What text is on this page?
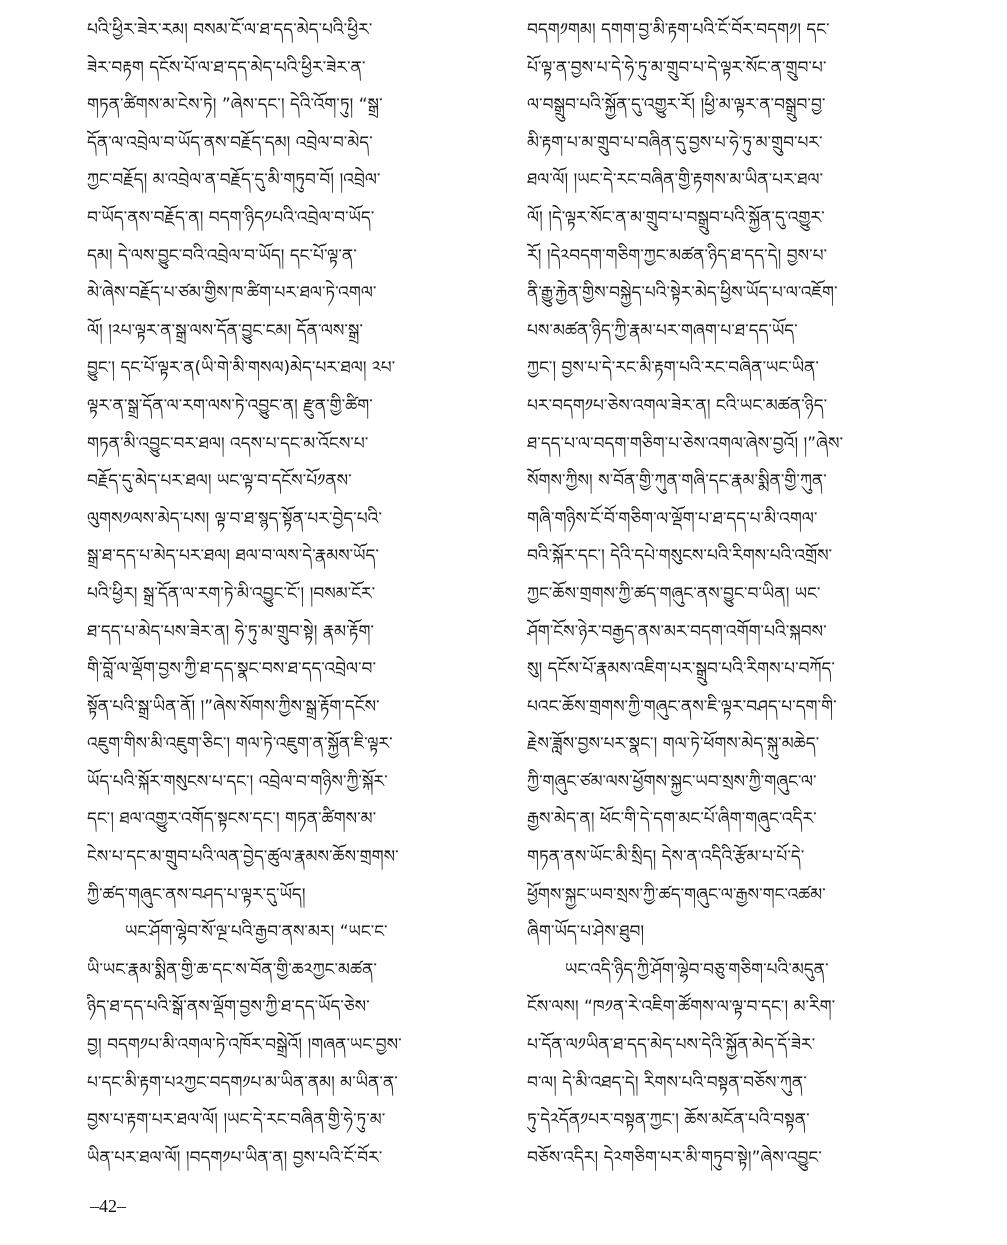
པའི་ཕྱིར་ཟེར་རམ། བསམ་ངོ་ལ་ཐ་དད་མེད་པའི་ཕྱིར་
ཟེར་བརྟག དངོས་པོ་ལ་ཐ་དད་མེད་པའི་ཕྱིར་ཟེར་ན་
གཏན་ཚིགས་མ་ངེས་ཏེ། ”ཞེས་དང་། དེའི་འོག་ཏུ། “སྒྲ་
དོན་ལ་འབྲེལ་བ་ཡོད་ནས་བརྗོད་དམ། འབྲེལ་བ་མེད་
ཀྱང་བརྗོད། མ་འབྲེལ་ན་བརྗོད་དུ་མི་གཏུབ་བོ། །འབྲེལ་
བ་ཡོད་ནས་བརྗོད་ན། བདག་ཉིད༡པའི་འབྲེལ་བ་ཡོད་
དམ། དེ་ལས་བྱུང་བའི་འབྲེལ་བ་ཡོད། དང་པོ་ལྟ་ན་
མེ་ཞེས་བརྗོད་པ་ཙམ་གྱིས་ཁ་ཚིག་པར་ཐལ་ཏེ་འགལ་
ལོ། །༢པ་ལྟར་ན་སྒྲ་ལས་དོན་བྱུང་ངམ། དོན་ལས་སྒྲ་
བྱུང་། དང་པོ་ལྟར་ན(ཡི་གེ་མི་གསལ)མེད་པར་ཐལ། ༢པ་
ལྟར་ན་སྒྲ་དོན་ལ་རག་ལས་ཏེ་འབྱུང་ན། རྫུན་གྱི་ཚིག་
གཏན་མི་འབྱུང་བར་ཐལ། འདས་པ་དང་མ་འོངས་པ་
བརྗོད་དུ་མེད་པར་ཐལ། ཡང་ལྟ་བ་དངོས་པོ༡ནས་
ལུགས༡ལས་མེད་པས། ལྟ་བ་ཐ་སྙད་སྟོན་པར་བྱེད་པའི་
སྒྲ་ཐ་དད་པ་མེད་པར་ཐལ། ཐལ་བ་ལས་དེ་རྣམས་ཡོད་
པའི་ཕྱིར། སྒྲ་དོན་ལ་རག་ཏེ་མི་འབྱུང་ངོ་། །བསམ་ངོར་
ཐ་དད་པ་མེད་པས་ཟེར་ན། ཧེ་ཏུ་མ་གྲུབ་སྟེ། རྣམ་རྟོག་
གི་བློ་ལ་ལྡོག་བྱས་ཀྱི་ཐ་དད་སྣང་བས་ཐ་དད་འབྲེལ་བ་
སྟོན་པའི་སྒྲ་ཡིན་ནོ། །”ཞེས་སོགས་ཀྱིས་སྒྲ་རྟོག་དངོས་
འཇུག་གིས་མི་འཇུག་ཅིང་། གལ་ཏེ་འཇུག་ན་སྐྱོན་ཇི་ལྟར་
ཡོད་པའི་སྐོར་གསུངས་པ་དང་། འབྲེལ་བ་གཉིས་ཀྱི་སྐོར་
དང་། ཐལ་འགྱུར་འགོད་སྟངས་དང་། གཏན་ཚིགས་མ་
ངེས་པ་དང་མ་གྲུབ་པའི་ལན་བྱེད་ཚུལ་རྣམས་ཆོས་གྲགས་
ཀྱི་ཚད་གཞུང་ནས་བཤད་པ་ལྟར་དུ་ཡོད།
ཡང་ཤོག་ལྷེབ་སོ་ལྔ་པའི་རྒྱབ་ནས་མར། “ཡང་ང་
ཡི་ཡང་རྣམ་སྨིན་གྱི་ཆ་དང་ས་བོན་གྱི་ཆ༢ཀྱང་མཚན་
ཉིད་ཐ་དད་པའི་སྒོ་ནས་ལྡོག་བྱས་ཀྱི་ཐ་དད་ཡོད་ཅེས་
བྱ། བདག༡པ་མི་འགལ་ཏེ་འཁོར་བསྒྲེའོ། །གཞན་ཡང་བྱས་
པ་དང་མི་རྟག་པ༢ཀྱང་བདག༡པ་མ་ཡིན་ནམ། མ་ཡིན་ན་
བྱས་པ་རྟག་པར་ཐལ་ལོ། །ཡང་དེ་རང་བཞིན་གྱི་ཧེ་ཏུ་མ་
ཡིན་པར་ཐལ་ལོ། །བདག༡པ་ཡིན་ན། བྱས་པའི་ངོ་བོར་
བདག༡གམ། དགག་བྱ་མི་རྟག་པའི་ངོ་བོར་བདག༡། དང་
པོ་ལྟ་ན་བྱས་པ་དེ་ཧེ་ཏུ་མ་གྲུབ་པ་དེ་ལྟར་སོང་ན་གྲུབ་པ་
ལ་བསྒྲུབ་པའི་སྐྱོན་དུ་འགྱུར་རོ། །ཕྱི་མ་ལྟར་ན་བསྒྲུབ་བྱ་
མི་རྟག་པ་མ་གྲུབ་པ་བཞིན་དུ་བྱས་པ་ཧེ་ཏུ་མ་གྲུབ་པར་
ཐལ་ལོ། །ཡང་དེ་རང་བཞིན་གྱི་རྟགས་མ་ཡིན་པར་ཐལ་
ལོ། །དེ་ལྟར་སོང་ན་མ་གྲུབ་པ་བསྒྲུབ་པའི་སྐྱོན་དུ་འགྱུར་
རོ། །དེ༢བདག་གཅིག་ཀྱང་མཚན་ཉིད་ཐ་དད་དེ། བྱས་པ་
ནི་རྒྱུ་རྐྱེན་གྱིས་བསྐྱེད་པའི་སྟེར་མེད་ཕྱིས་ཡོད་པ་ལ་འཇོག་
པས་མཚན་ཉིད་ཀྱི་རྣམ་པར་གཞག་པ་ཐ་དད་ཡོད་
ཀྱང་། བྱས་པ་དེ་རང་མི་རྟག་པའི་རང་བཞིན་ཡང་ཡིན་
པར་བདག༡པ་ཅེས་འགལ་ཟེར་ན། ངའི་ཡང་མཚན་ཉིད་
ཐ་དད་པ་ལ་བདག་གཅིག་པ་ཅེས་འགལ་ཞེས་བྱའོ། །”ཞེས་
སོགས་ཀྱིས། ས་བོན་གྱི་ཀུན་གཞི་དང་རྣམ་སྨིན་གྱི་ཀུན་
གཞི་གཉིས་ངོ་བོ་གཅིག་ལ་ལྡོག་པ་ཐ་དད་པ་མི་འགལ་
བའི་སྐོར་དང་། དེའི་དཔེ་གསུངས་པའི་རིགས་པའི་འགྲོས་
ཀྱང་ཆོས་གྲགས་ཀྱི་ཚད་གཞུང་ནས་བྱུང་བ་ཡིན། ཡང་
ཤོག་ངོས་ཉེར་བརྒྱད་ནས་མར་བདག་འགོག་པའི་སྐབས་
སུ། དངོས་པོ་རྣམས་འཇིག་པར་སྒྲུབ་པའི་རིགས་པ་བཀོད་
པའང་ཆོས་གྲགས་ཀྱི་གཞུང་ནས་ཇི་ལྟར་བཤད་པ་དག་གི་
རྗེས་ཟློས་བྱས་པར་སྣང་། གལ་ཏེ་ཕོགས་མེད་སྐུ་མཆེད་
ཀྱི་གཞུང་ཙམ་ལས་ཕྱོགས་སྐྱང་ཡབ་སྲས་ཀྱི་གཞུང་ལ་
རྒྱས་མེད་ན། ཕོང་གི་དེ་དག་མང་པོ་ཞིག་གཞུང་འདིར་
གཏན་ནས་ཡོང་མི་སྲིད། དེས་ན་འདིའི་རྩོམ་པ་པོ་དེ་
ཕྱོགས་སྐྱང་ཡབ་སྲས་ཀྱི་ཚད་གཞུང་ལ་རྒྱས་གང་འཚམ་
ཞིག་ཡོད་པ་ཤེས་ཐུབ།
ཡང་འདི་ཉིད་ཀྱི་ཤོག་ལྷེབ་བཅུ་གཅིག་པའི་མདུན་
ངོས་ལས། “ཁ༡ན་རེ་འཇིག་ཚོགས་ལ་ལྟ་བ་དང་། མ་རིག་
པ་དོན་ལ༡ཡིན་ཐ་དད་མེད་པས་དེའི་སྐྱོན་མེད་དོ་ཟེར་
བ་ལ། དེ་མི་འཐད་དེ། རིགས་པའི་བསྟན་བཅོས་ཀུན་
ཏུ་དེ༢དོན༡པར་བསྟན་ཀྱང་། ཆོས་མངོན་པའི་བསྟན་
བཅོས་འདིར། དེ༢གཅིག་པར་མི་གཏུབ་སྟེ།”ཞེས་འབྱུང་
–42–
